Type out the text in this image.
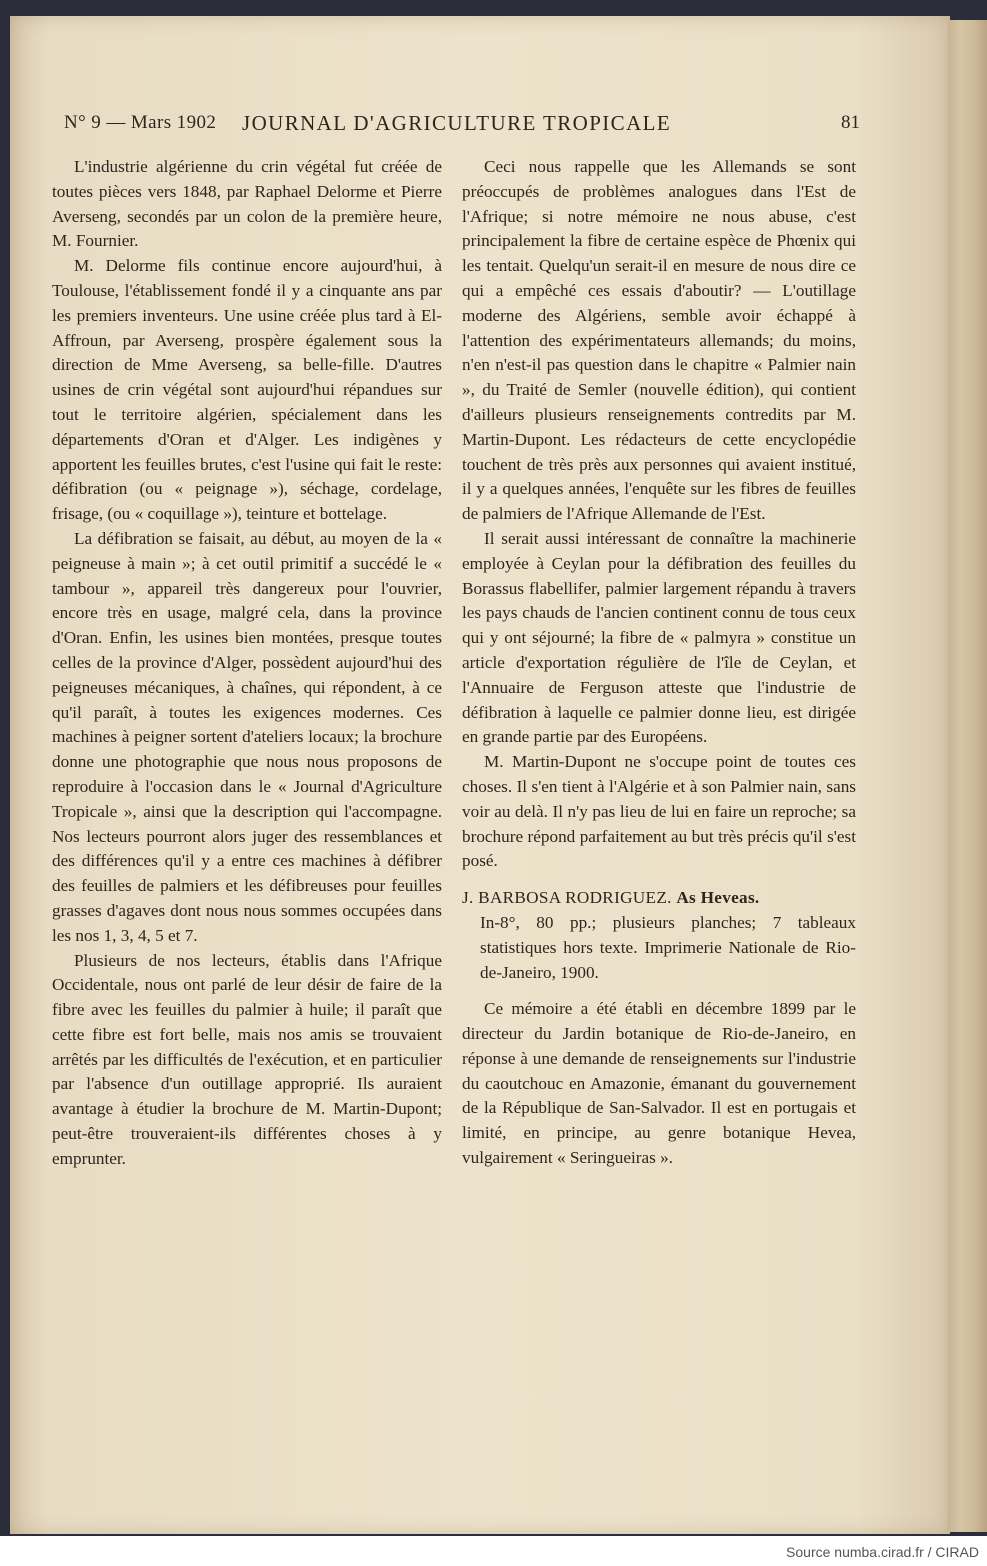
N° 9 — Mars 1902 JOURNAL D'AGRICULTURE TROPICALE	81

L'industrie algérienne du crin végétal fut créée de toutes pièces vers 1848, par Raphael Delorme et Pierre Averseng, secondés par un colon de la première heure, M. Fournier.

M. Delorme fils continue encore aujourd'hui, à Toulouse, l'établissement fondé il y a cinquante ans par les premiers inventeurs. Une usine créée plus tard à El-Affroun, par Averseng, prospère également sous la direction de Mme Averseng, sa belle-fille. D'autres usines de crin végétal sont aujourd'hui répandues sur tout le territoire algérien, spécialement dans les départements d'Oran et d'Alger. Les indigènes y apportent les feuilles brutes, c'est l'usine qui fait le reste: défibration (ou « peignage »), séchage, cordelage, frisage, (ou « coquillage »), teinture et bottelage.

La défibration se faisait, au début, au moyen de la « peigneuse à main »; à cet outil primitif a succédé le « tambour », appareil très dangereux pour l'ouvrier, encore très en usage, malgré cela, dans la province d'Oran. Enfin, les usines bien montées, presque toutes celles de la province d'Alger, possèdent aujourd'hui des peigneuses mécaniques, à chaînes, qui répondent, à ce qu'il paraît, à toutes les exigences modernes. Ces machines à peigner sortent d'ateliers locaux; la brochure donne une photographie que nous nous proposons de reproduire à l'occasion dans le « Journal d'Agriculture Tropicale », ainsi que la description qui l'accompagne. Nos lecteurs pourront alors juger des ressemblances et des différences qu'il y a entre ces machines à défibrer des feuilles de palmiers et les défibreuses pour feuilles grasses d'agaves dont nous nous sommes occupées dans les nos 1, 3, 4, 5 et 7.

Plusieurs de nos lecteurs, établis dans l'Afrique Occidentale, nous ont parlé de leur désir de faire de la fibre avec les feuilles du palmier à huile; il paraît que cette fibre est fort belle, mais nos amis se trouvaient arrêtés par les difficultés de l'exécution, et en particulier par l'absence d'un outillage approprié. Ils auraient avantage à étudier la brochure de M. Martin-Dupont; peut-être trouveraient-ils différentes choses à y emprunter.

Ceci nous rappelle que les Allemands se sont préoccupés de problèmes analogues dans l'Est de l'Afrique; si notre mémoire ne nous abuse, c'est principalement la fibre de certaine espèce de Phœnix qui les tentait. Quelqu'un serait-il en mesure de nous dire ce qui a empêché ces essais d'aboutir? — L'outillage moderne des Algériens, semble avoir échappé à l'attention des expérimentateurs allemands; du moins, n'en n'est-il pas question dans le chapitre « Palmier nain », du Traité de Semler (nouvelle édition), qui contient d'ailleurs plusieurs renseignements contredits par M. Martin-Dupont. Les rédacteurs de cette encyclopédie touchent de très près aux personnes qui avaient institué, il y a quelques années, l'enquête sur les fibres de feuilles de palmiers de l'Afrique Allemande de l'Est.

Il serait aussi intéressant de connaître la machinerie employée à Ceylan pour la défibration des feuilles du Borassus flabellifer, palmier largement répandu à travers les pays chauds de l'ancien continent connu de tous ceux qui y ont séjourné; la fibre de « palmyra » constitue un article d'exportation régulière de l'île de Ceylan, et l'Annuaire de Ferguson atteste que l'industrie de défibration à laquelle ce palmier donne lieu, est dirigée en grande partie par des Européens.

M. Martin-Dupont ne s'occupe point de toutes ces choses. Il s'en tient à l'Algérie et à son Palmier nain, sans voir au delà. Il n'y pas lieu de lui en faire un reproche; sa brochure répond parfaitement au but très précis qu'il s'est posé.

J. BARBOSA RODRIGUEZ. As Heveas.

In-8°, 80 pp.; plusieurs planches; 7 tableaux statistiques hors texte. Imprimerie Nationale de Rio-de-Janeiro, 1900.

Ce mémoire a été établi en décembre 1899 par le directeur du Jardin botanique de Rio-de-Janeiro, en réponse à une demande de renseignements sur l'industrie du caoutchouc en Amazonie, émanant du gouvernement de la République de San-Salvador. Il est en portugais et limité, en principe, au genre botanique Hevea, vulgairement « Seringueiras ».

Source numba.cirad.fr / CIRAD
